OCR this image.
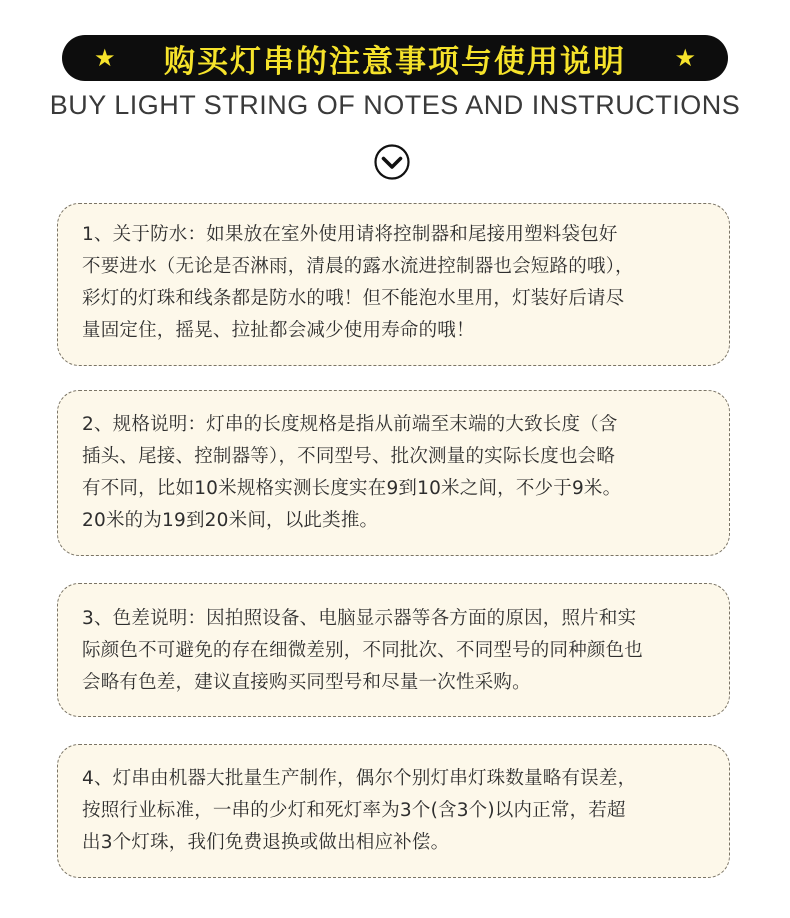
★ 购买灯串的注意事项与使用说明 ★
BUY LIGHT STRING OF NOTES AND INSTRUCTIONS

1、关于防水：如果放在室外使用请将控制器和尾接用塑料袋包好

不要进水（无论是否淋雨，清晨的露水流进控制器也会短路的哦），

彩灯的灯珠和线条都是防水的哦！但不能泡水里用，灯装好后请尽

量固定住，摇晃、拉扯都会减少使用寿命的哦！

2、规格说明：灯串的长度规格是指从前端至末端的大致长度（含

插头、尾接、控制器等），不同型号、批次测量的实际长度也会略

有不同，比如10米规格实测长度实在9到10米之间，不少于9米。

20米的为19到20米间，以此类推。

3、色差说明：因拍照设备、电脑显示器等各方面的原因，照片和实

际颜色不可避免的存在细微差别，不同批次、不同型号的同种颜色也

会略有色差，建议直接购买同型号和尽量一次性采购。

4、灯串由机器大批量生产制作，偶尔个别灯串灯珠数量略有误差，

按照行业标准，一串的少灯和死灯率为3个(含3个)以内正常，若超

出3个灯珠，我们免费退换或做出相应补偿。
